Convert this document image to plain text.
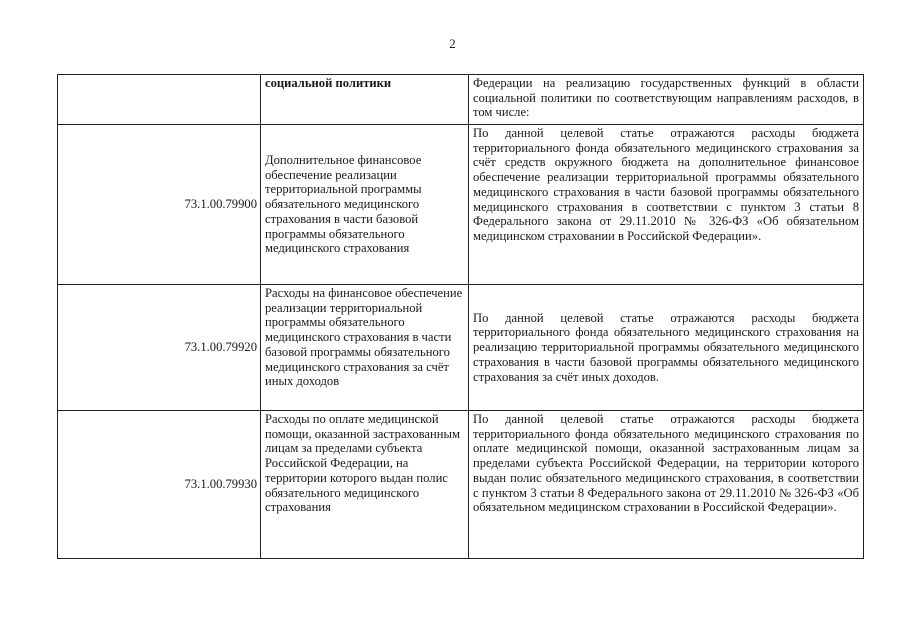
2
	социальной политики	Федерации на реализацию государственных функций в области социальной политики по соответствующим направлениям расходов, в том числе:
73.1.00.79900	Дополнительное финансовое обеспечение реализации территориальной программы обязательного медицинского страхования в части базовой программы обязательного медицинского страхования	По данной целевой статье отражаются расходы бюджета территориального фонда обязательного медицинского страхования за счёт средств окружного бюджета на дополнительное финансовое обеспечение реализации территориальной программы обязательного медицинского страхования в части базовой программы обязательного медицинского страхования в соответствии с пунктом 3 статьи 8 Федерального закона от 29.11.2010 № 326-ФЗ «Об обязательном медицинском страховании в Российской Федерации».
73.1.00.79920	Расходы на финансовое обеспечение реализации территориальной программы обязательного медицинского страхования в части базовой программы обязательного медицинского страхования за счёт иных доходов	По данной целевой статье отражаются расходы бюджета территориального фонда обязательного медицинского страхования на реализацию территориальной программы обязательного медицинского страхования в части базовой программы обязательного медицинского страхования за счёт иных доходов.
73.1.00.79930	Расходы по оплате медицинской помощи, оказанной застрахованным лицам за пределами субъекта Российской Федерации, на территории которого выдан полис обязательного медицинского страхования	По данной целевой статье отражаются расходы бюджета территориального фонда обязательного медицинского страхования по оплате медицинской помощи, оказанной застрахованным лицам за пределами субъекта Российской Федерации, на территории которого выдан полис обязательного медицинского страхования, в соответствии с пунктом 3 статьи 8 Федерального закона от 29.11.2010 № 326-ФЗ «Об обязательном медицинском страховании в Российской Федерации».
